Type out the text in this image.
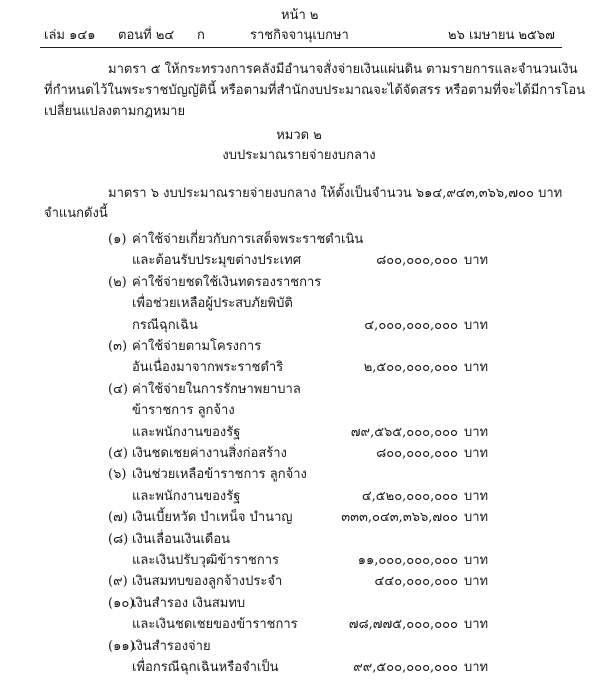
หน้า ๒
เล่ม ๑๔๑ ตอนที่ ๒๔ ก	ราชกิจจานุเบกษา	๒๖ เมษายน ๒๕๖๗
มาตรา ๕ ให้กระทรวงการคลังมีอำนาจสั่งจ่ายเงินแผ่นดิน ตามรายการและจำนวนเงิน
ที่กำหนดไว้ในพระราชบัญญัตินี้ หรือตามที่สำนักงบประมาณจะได้จัดสรร หรือตามที่จะได้มีการโอน
เปลี่ยนแปลงตามกฎหมาย
หมวด ๒
งบประมาณรายจ่ายงบกลาง
มาตรา ๖ งบประมาณรายจ่ายงบกลาง ให้ตั้งเป็นจำนวน ๖๑๔,๙๔๓,๓๖๖,๗๐๐ บาท
จำแนกดังนี้
(๑) ค่าใช้จ่ายเกี่ยวกับการเสด็จพระราชดำเนิน
และต้อนรับประมุขต่างประเทศ	๘๐๐,๐๐๐,๐๐๐ บาท
(๒) ค่าใช้จ่ายชดใช้เงินทดรองราชการ
เพื่อช่วยเหลือผู้ประสบภัยพิบัติ
กรณีฉุกเฉิน	๔,๐๐๐,๐๐๐,๐๐๐ บาท
(๓) ค่าใช้จ่ายตามโครงการ
อันเนื่องมาจากพระราชดำริ	๒,๕๐๐,๐๐๐,๐๐๐ บาท
(๔) ค่าใช้จ่ายในการรักษาพยาบาล
ข้าราชการ ลูกจ้าง
และพนักงานของรัฐ	๗๙,๕๖๕,๐๐๐,๐๐๐ บาท
(๕) เงินชดเชยค่างานสิ่งก่อสร้าง	๘๐๐,๐๐๐,๐๐๐ บาท
(๖) เงินช่วยเหลือข้าราชการ ลูกจ้าง
และพนักงานของรัฐ	๔,๕๒๐,๐๐๐,๐๐๐ บาท
(๗) เงินเบี้ยหวัด บำเหน็จ บำนาญ	๓๓๓,๐๔๓,๓๖๖,๗๐๐ บาท
(๘) เงินเลื่อนเงินเดือน
และเงินปรับวุฒิข้าราชการ	๑๑,๐๐๐,๐๐๐,๐๐๐ บาท
(๙) เงินสมทบของลูกจ้างประจำ	๔๔๐,๐๐๐,๐๐๐ บาท
(๑๐)
เงินสำรอง เงินสมทบ
และเงินชดเชยของข้าราชการ	๗๘,๗๗๕,๐๐๐,๐๐๐ บาท
(๑๑)
เงินสำรองจ่าย
เพื่อกรณีฉุกเฉินหรือจำเป็น	๙๙,๕๐๐,๐๐๐,๐๐๐ บาท
